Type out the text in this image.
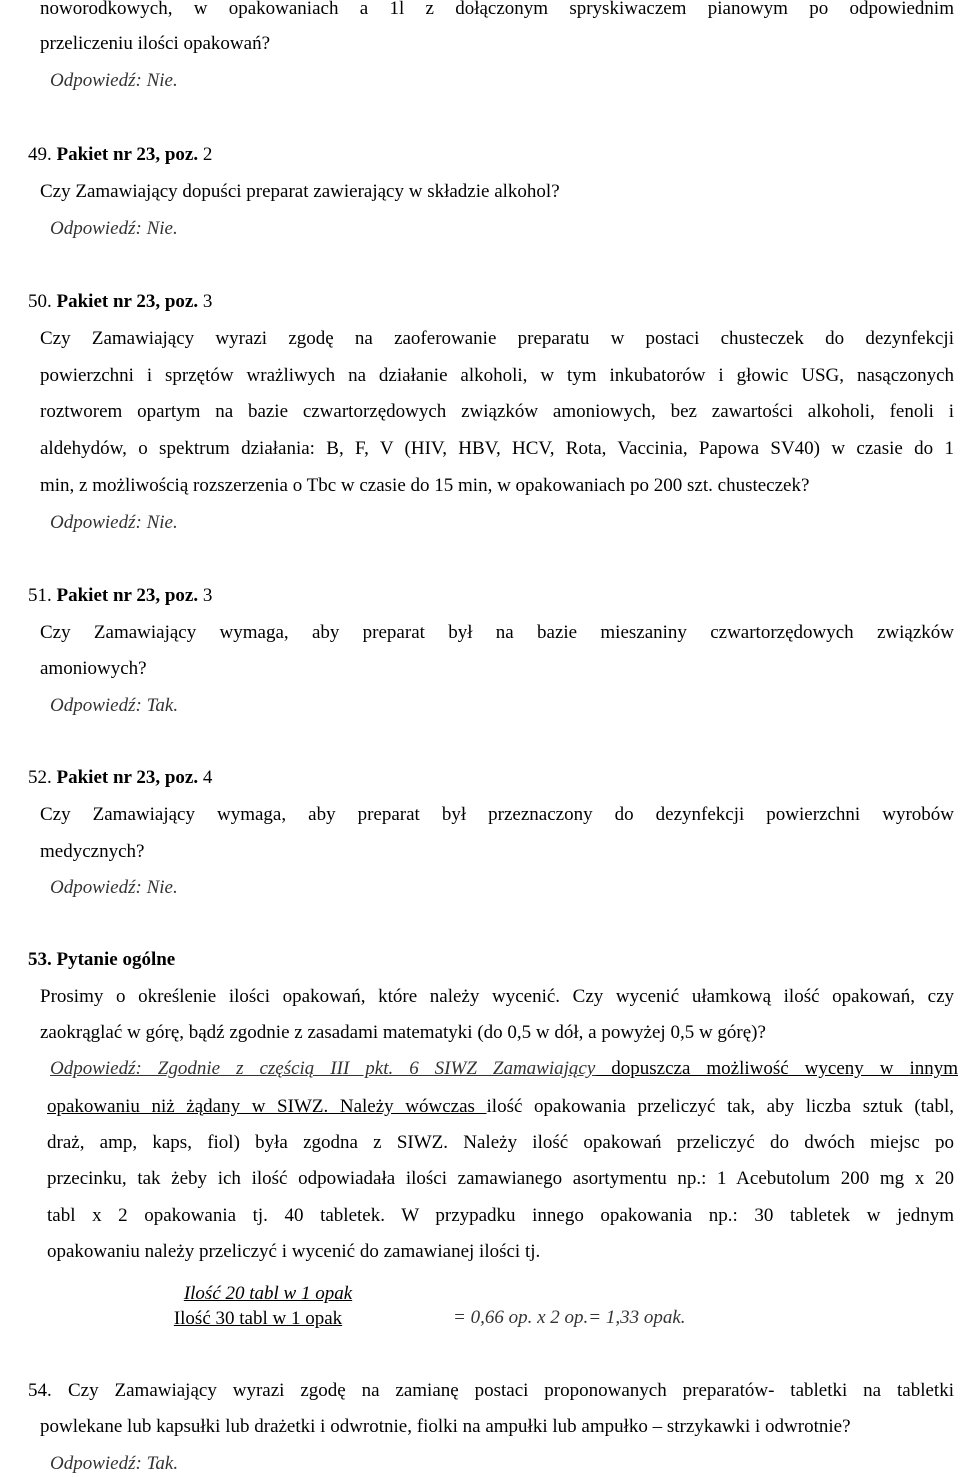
noworodkowych, w opakowaniach a 1l z dołączonym spryskiwaczem pianowym po odpowiednim
przeliczeniu ilości opakowań?
Odpowiedź: Nie.
49. Pakiet nr 23, poz. 2
Czy Zamawiający dopuści preparat zawierający w składzie alkohol?
Odpowiedź: Nie.
50. Pakiet nr 23, poz. 3
Czy Zamawiający wyrazi zgodę na zaoferowanie preparatu w postaci chusteczek do dezynfekcji
powierzchni i sprzętów wrażliwych na działanie alkoholi, w tym inkubatorów i głowic USG, nasączonych
roztworem opartym na bazie czwartorzędowych związków amoniowych, bez zawartości alkoholi, fenoli i
aldehydów, o spektrum działania: B, F, V (HIV, HBV, HCV, Rota, Vaccinia, Papowa SV40) w czasie do 1
min, z możliwością rozszerzenia o Tbc w czasie do 15 min, w opakowaniach po 200 szt. chusteczek?
Odpowiedź: Nie.
51. Pakiet nr 23, poz. 3
Czy Zamawiający wymaga, aby preparat był na bazie mieszaniny czwartorzędowych związków
amoniowych?
Odpowiedź: Tak.
52. Pakiet nr 23, poz. 4
Czy Zamawiający wymaga, aby preparat był przeznaczony do dezynfekcji powierzchni wyrobów
medycznych?
Odpowiedź: Nie.
53. Pytanie ogólne
Prosimy o określenie ilości opakowań, które należy wycenić. Czy wycenić ułamkową ilość opakowań, czy
zaokrąglać w górę, bądź zgodnie z zasadami matematyki (do 0,5 w dół, a powyżej 0,5 w górę)?
Odpowiedź: Zgodnie z częścią III pkt. 6 SIWZ Zamawiający dopuszcza możliwość wyceny w innym
opakowaniu niż żądany w SIWZ. Należy wówczas ilość opakowania przeliczyć tak, aby liczba sztuk (tabl,
draż, amp, kaps, fiol) była zgodna z SIWZ. Należy ilość opakowań przeliczyć do dwóch miejsc po
przecinku, tak żeby ich ilość odpowiadała ilości zamawianego asortymentu np.: 1 Acebutolum 200 mg x 20
tabl x 2 opakowania tj. 40 tabletek. W przypadku innego opakowania np.: 30 tabletek w jednym
opakowaniu należy przeliczyć i wycenić do zamawianej ilości tj.
Ilość 20 tabl w 1 opak
Ilość 30 tabl w 1 opak	= 0,66 op. x 2 op.= 1,33 opak.
54. Czy Zamawiający wyrazi zgodę na zamianę postaci proponowanych preparatów- tabletki na tabletki
powlekane lub kapsułki lub drażetki i odwrotnie, fiolki na ampułki lub ampułko – strzykawki i odwrotnie?
Odpowiedź: Tak.
